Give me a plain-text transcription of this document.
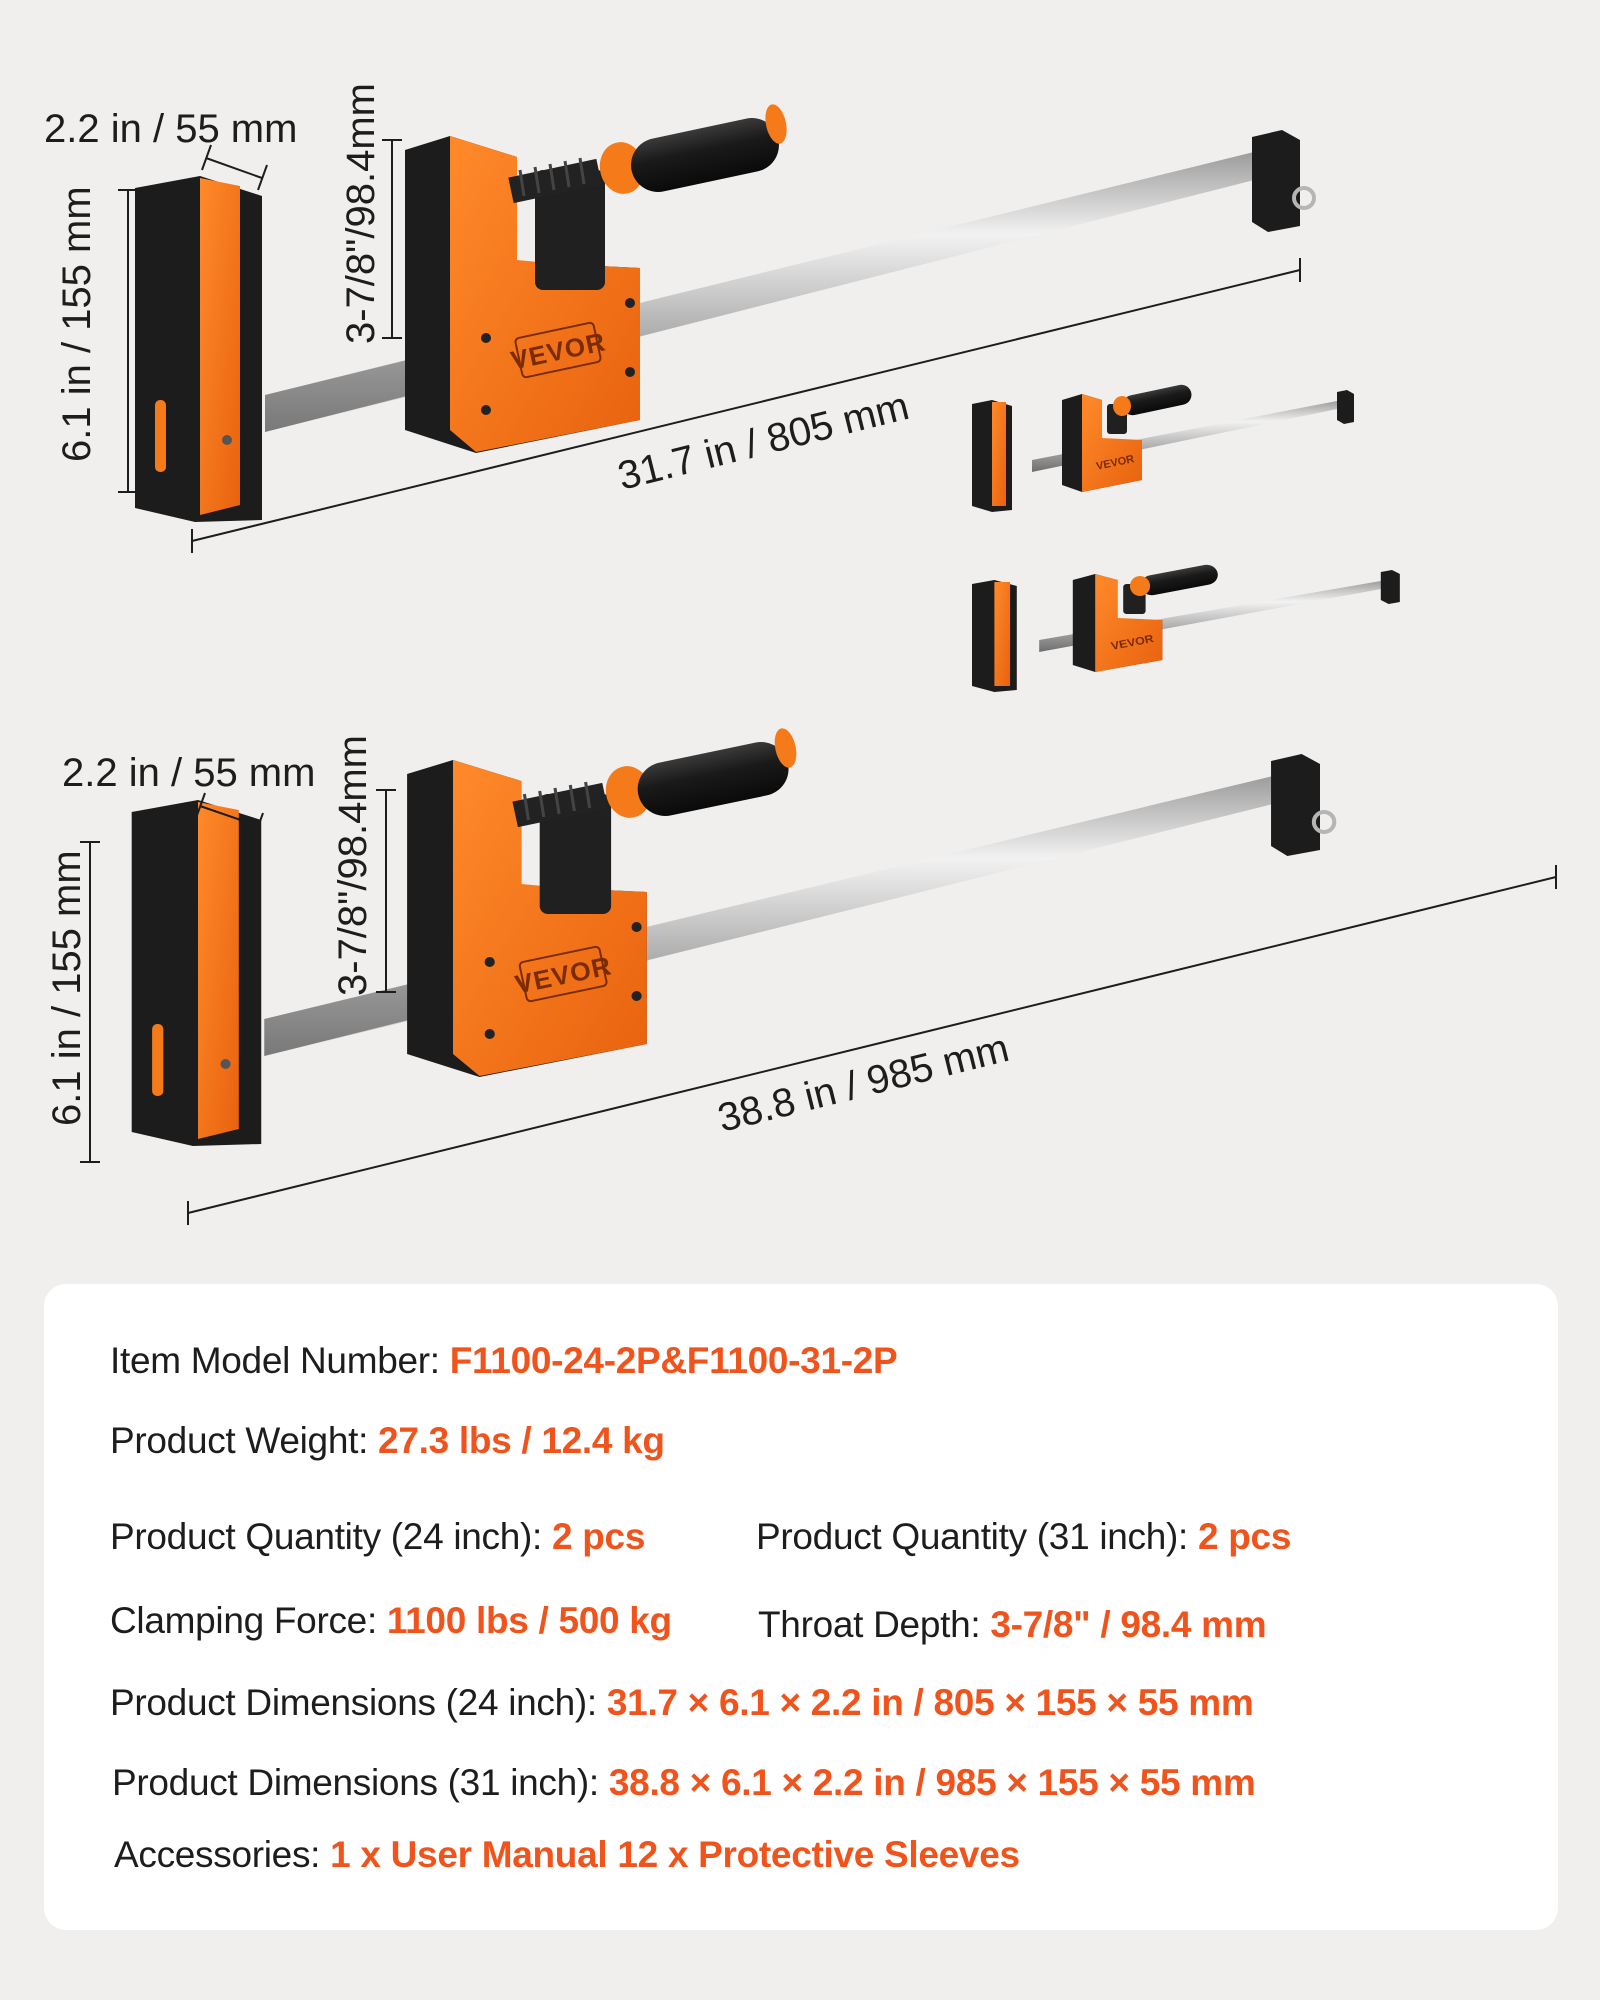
VEVOR
2.2 in / 55 mm
6.1 in / 155 mm	3-7/8"/98.4mm
31.7 in / 805 mm
2.2 in / 55 mm
6.1 in / 155 mm	3-7/8"/98.4mm
38.8 in / 985 mm
Item Model Number: F1100-24-2P&F1100-31-2P
Product Weight: 27.3 lbs / 12.4 kg
Product Quantity (24 inch): 2 pcs	Product Quantity (31 inch): 2 pcs
Clamping Force: 1100 lbs / 500 kg Throat Depth: 3-7/8" / 98.4 mm
Product Dimensions (24 inch): 31.7 × 6.1 × 2.2 in / 805 × 155 × 55 mm
Product Dimensions (31 inch): 38.8 × 6.1 × 2.2 in / 985 × 155 × 55 mm
Accessories: 1 x User Manual 12 x Protective Sleeves
